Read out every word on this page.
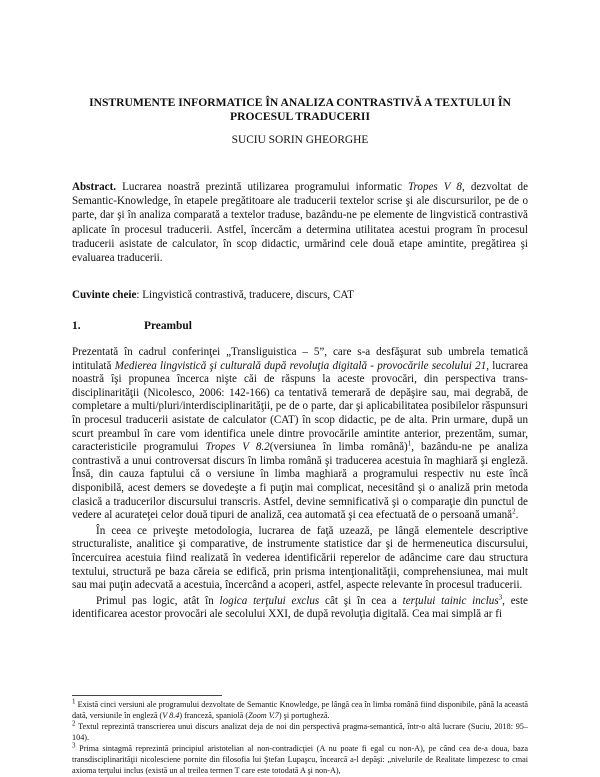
INSTRUMENTE INFORMATICE ÎN ANALIZA CONTRASTIVĂ A TEXTULUI ÎN PROCESUL TRADUCERII
SUCIU SORIN GHEORGHE

Abstract. Lucrarea noastră prezintă utilizarea programului informatic Tropes V 8, dezvoltat de Semantic-Knowledge, în etapele pregătitoare ale traducerii textelor scrise şi ale discursurilor, pe de o parte, dar şi în analiza comparată a textelor traduse, bazându-ne pe elemente de lingvistică contrastivă aplicate în procesul traducerii. Astfel, încercăm a determina utilitatea acestui program în procesul traducerii asistate de calculator, în scop didactic, urmărind cele două etape amintite, pregătirea şi evaluarea traducerii.

Cuvinte cheie: Lingvistică contrastivă, traducere, discurs, CAT

1.	Preambul

Prezentată în cadrul conferinţei „Transliguistica – 5”, care s-a desfăşurat sub umbrela tematică intitulată Medierea lingvistică şi culturală după revoluţia digitală - provocările secolului 21, lucrarea noastră îşi propunea încerca nişte căi de răspuns la aceste provocări, din perspectiva trans-disciplinarităţii (Nicolesco, 2006: 142-166) ca tentativă temerară de depăşire sau, mai degrabă, de completare a multi/pluri/interdisciplinarităţii, pe de o parte, dar şi aplicabilitatea posibilelor răspunsuri în procesul traducerii asistate de calculator (CAT) în scop didactic, pe de alta. Prin urmare, după un scurt preambul în care vom identifica unele dintre provocările amintite anterior, prezentăm, sumar, caracteristicile programului Tropes V 8.2(versiunea în limba română)$^1$, bazându-ne pe analiza contrastivă a unui controversat discurs în limba română şi traducerea acestuia în maghiară şi engleză. Însă, din cauza faptului că o versiune în limba maghiară a programului respectiv nu este încă disponibilă, acest demers se dovedeşte a fi puţin mai complicat, necesitând şi o analiză prin metoda clasică a traducerilor discursului transcris. Astfel, devine semnificativă şi o comparaţie din punctul de vedere al acurateţei celor două tipuri de analiză, cea automată şi cea efectuată de o persoană umană$^2$.

În ceea ce priveşte metodologia, lucrarea de faţă uzează, pe lângă elementele descriptive structuraliste, analitice şi comparative, de instrumente statistice dar şi de hermeneutica discursului, încercuirea acestuia fiind realizată în vederea identificării reperelor de adâncime care dau structura textului, structură pe baza căreia se edifică, prin prisma intenţionalităţii, comprehensiunea, mai mult sau mai puţin adecvată a acestuia, încercând a acoperi, astfel, aspecte relevante în procesul traducerii.

Primul pas logic, atât în logica terţului exclus cât şi în cea a terţului tainic inclus$^3$, este identificarea acestor provocări ale secolului XXI, de după revoluţia digitală. Cea mai simplă ar fi

$^1$ Există cinci versiuni ale programului dezvoltate de Semantic Knowledge, pe lângă cea în limba română fiind disponibile, până la această dată, versiunile în engleză (V 8.4) franceză, spaniolă (Zoom V.7) şi portugheză.

$^2$ Textul reprezintă transcrierea unui discurs analizat deja de noi din perspectivă pragma-semantică, într-o altă lucrare (Suciu, 2018: 95–104).

$^3$ Prima sintagmă reprezintă principiul aristotelian al non-contradicţiei (A nu poate fi egal cu non-A), pe când cea de-a doua, baza transdisciplinarităţii nicolesciene pornite din filosofia lui Ştefan Lupaşcu, încearcă a-l depăşi: „nivelurile de Realitate limpezesc to cmai axioma terţului inclus (există un al treilea termen T care este totodată A şi non-A),
